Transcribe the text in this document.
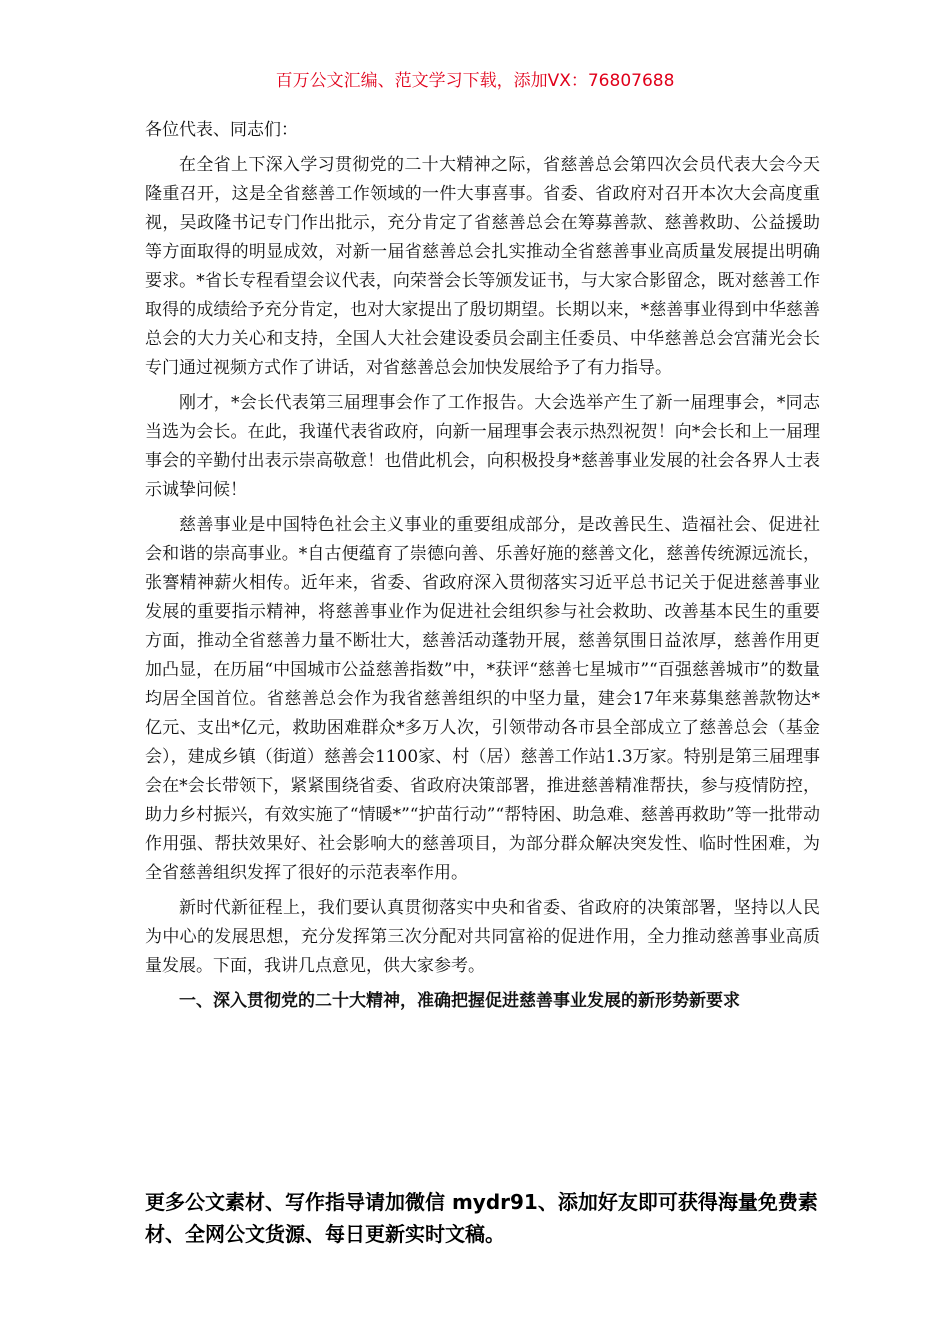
百万公文汇编、范文学习下载，添加VX：76807688

各位代表、同志们：

在全省上下深入学习贯彻党的二十大精神之际，省慈善总会第四次会员代表大会今天隆重召开，这是全省慈善工作领域的一件大事喜事。省委、省政府对召开本次大会高度重视，吴政隆书记专门作出批示，充分肯定了省慈善总会在筹募善款、慈善救助、公益援助等方面取得的明显成效，对新一届省慈善总会扎实推动全省慈善事业高质量发展提出明确要求。*省长专程看望会议代表，向荣誉会长等颁发证书，与大家合影留念，既对慈善工作取得的成绩给予充分肯定，也对大家提出了殷切期望。长期以来，*慈善事业得到中华慈善总会的大力关心和支持，全国人大社会建设委员会副主任委员、中华慈善总会宫蒲光会长专门通过视频方式作了讲话，对省慈善总会加快发展给予了有力指导。

刚才，*会长代表第三届理事会作了工作报告。大会选举产生了新一届理事会，*同志当选为会长。在此，我谨代表省政府，向新一届理事会表示热烈祝贺！向*会长和上一届理事会的辛勤付出表示崇高敬意！也借此机会，向积极投身*慈善事业发展的社会各界人士表示诚挚问候！

慈善事业是中国特色社会主义事业的重要组成部分，是改善民生、造福社会、促进社会和谐的崇高事业。*自古便蕴育了崇德向善、乐善好施的慈善文化，慈善传统源远流长，张謇精神薪火相传。近年来，省委、省政府深入贯彻落实习近平总书记关于促进慈善事业发展的重要指示精神，将慈善事业作为促进社会组织参与社会救助、改善基本民生的重要方面，推动全省慈善力量不断壮大，慈善活动蓬勃开展，慈善氛围日益浓厚，慈善作用更加凸显，在历届“中国城市公益慈善指数”中，*获评“慈善七星城市”“百强慈善城市”的数量均居全国首位。省慈善总会作为我省慈善组织的中坚力量，建会17年来募集慈善款物达*亿元、支出*亿元，救助困难群众*多万人次，引领带动各市县全部成立了慈善总会（基金会），建成乡镇（街道）慈善会1100家、村（居）慈善工作站1.3万家。特别是第三届理事会在*会长带领下，紧紧围绕省委、省政府决策部署，推进慈善精准帮扶，参与疫情防控，助力乡村振兴，有效实施了“情暖*”“护苗行动”“帮特困、助急难、慈善再救助”等一批带动作用强、帮扶效果好、社会影响大的慈善项目，为部分群众解决突发性、临时性困难，为全省慈善组织发挥了很好的示范表率作用。

新时代新征程上，我们要认真贯彻落实中央和省委、省政府的决策部署，坚持以人民为中心的发展思想，充分发挥第三次分配对共同富裕的促进作用，全力推动慈善事业高质量发展。下面，我讲几点意见，供大家参考。

一、深入贯彻党的二十大精神，准确把握促进慈善事业发展的新形势新要求

更多公文素材、写作指导请加微信 mydr91、添加好友即可获得海量免费素材、全网公文货源、每日更新实时文稿。
